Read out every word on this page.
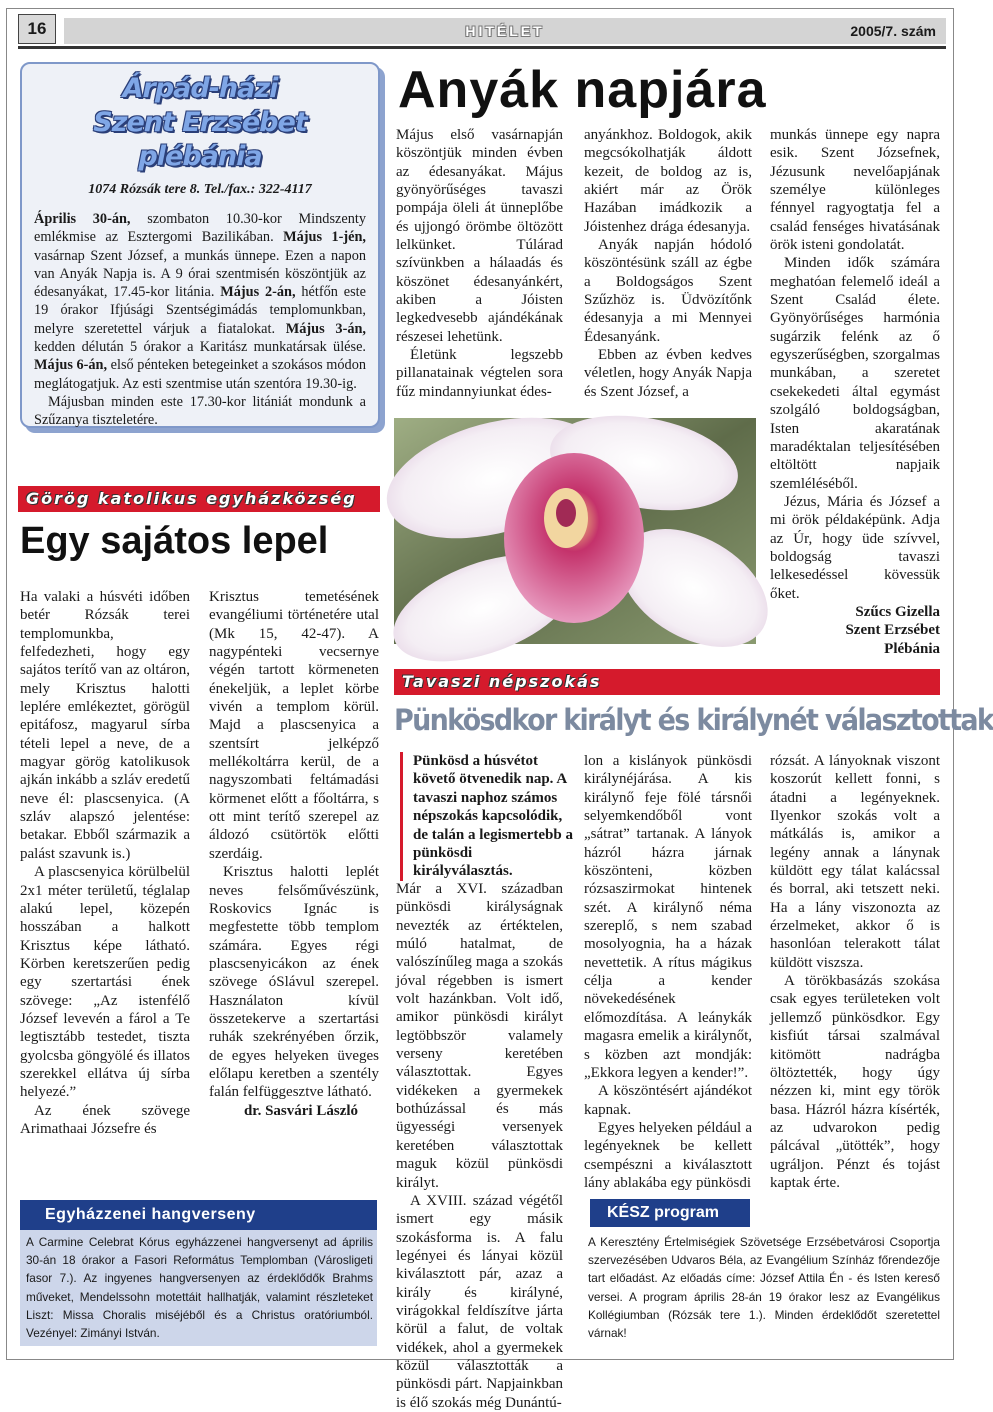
16	HITÉLET	2005/7. szám
Árpád-házi
Szent Erzsébet plébánia
1074 Rózsák tere 8. Tel./fax.: 322-4117
Április 30-án, szombaton 10.30-kor Mindszenty emlékmise az Esztergomi Bazilikában. Május 1-jén, vasárnap Szent József, a munkás ünnepe. Ezen a napon van Anyák Napja is. A 9 órai szentmisén köszöntjük az édesanyákat, 17.45-kor litánia. Május 2-án, hétfőn este 19 órakor Ifjúsági Szentségimádás templomunkban, melyre szeretettel várjuk a fiatalokat. Május 3-án, kedden délután 5 órakor a Karitász munkatársak ülése. Május 6-án, első pénteken betegeinket a szokásos módon meglátogatjuk. Az esti szentmise után szentóra 19.30-ig.
Májusban minden este 17.30-kor litániát mondunk a Szűzanya tiszteletére.
Görög katolikus egyházközség
Egy sajátos lepel

Ha valaki a húsvéti időben betér Rózsák terei templomunkba, felfedezheti, hogy egy sajátos terítő van az oltáron, mely Krisztus halotti leplére emlékeztet, görögül epitáfosz, magyarul sírba tételi lepel a neve, de a magyar görög katolikusok ajkán inkább a szláv eredetű neve él: plascsenyica. (A szláv alapszó jelentése: betakar. Ebből származik a palást szavunk is.)

A plascsenyica körülbelül 2x1 méter területű, téglalap alakú lepel, közepén hosszában a halkott Krisztus képe látható. Körben keretszerűen pedig egy szertartási ének szövege: „Az istenfélő József levevén a fárol a Te legtisztább testedet, tiszta gyolcsba göngyölé és illatos szerekkel ellátva új sírba helyezé.”

Az ének szövege Arimathaai Józsefre és

Krisztus temetésének evangéliumi történetére utal (Mk 15, 42-47). A nagypénteki vecsernye végén tartott körmeneten énekeljük, a leplet körbe vivén a templom körül. Majd a plascsenyica a szentsírt jelképző mellékoltárra kerül, de a nagyszombati feltámadási körmenet előtt a főoltárra, s ott mint terítő szerepel az áldozó csütörtök előtti szerdáig.

Krisztus halotti leplét neves felsőművészünk, Roskovics Ignác is megfestette több templom számára. Egyes régi plascsenyicákon az ének szövege óSlávul szerepel. Használaton kívül összetekerve a szertartási ruhák szekrényében őrzik, de egyes helyeken üveges előlapu keretben a szentély falán felfüggesztve látható.

dr. Sasvári László

Anyák napjára

Május első vasárnapján köszöntjük minden évben az édesanyákat. Május gyönyörűséges tavaszi pompája öleli át ünneplőbe és ujjongó örömbe öltözött lelkünket. Túlárad szívünkben a hálaadás és köszönet édesanyánkért, akiben a Jóisten legkedvesebb ajándékának részesei lehetünk.

Életünk legszebb pillanatainak végtelen sora fűz mindannyiunkat édes-

anyánkhoz. Boldogok, akik megcsókolhatják áldott kezeit, de boldog az is, akiért már az Örök Hazában imádkozik a Jóistenhez drága édesanyja.

Anyák napján hódoló köszöntésünk száll az égbe a Boldogságos Szent Szűzhöz is. Üdvözítőnk édesanyja a mi Mennyei Édesanyánk.

Ebben az évben kedves véletlen, hogy Anyák Napja és Szent József, a

munkás ünnepe egy napra esik. Szent Józsefnek, Jézusunk nevelőapjának személye különleges fénnyel ragyogtatja fel a család fenséges hivatásának örök isteni gondolatát.

Minden idők számára meghatóan felemelő ideál a Szent Család élete. Gyönyörűséges harmónia sugárzik felénk az ő egyszerűségben, szorgalmas munkában, a szeretet csekekedeti által egymást szolgáló boldogságban, Isten akaratának maradéktalan teljesítésében eltöltött napjaik szemléléséből.

Jézus, Mária és József a mi örök példaképünk. Adja az Úr, hogy üde szívvel, boldogság tavaszi lelkesedéssel kövessük őket.

Szűcs Gizella

Szent Erzsébet

Plébánia

Tavaszi népszokás
Pünkösdkor királyt és királynét választottak
Pünkösd a húsvétot követő ötvenedik nap. A tavaszi naphoz számos népszokás kapcsolódik, de talán a legismertebb a pünkösdi királyválasztás.

Már a XVI. században pünkösdi királyságnak nevezték az értéktelen, múló hatalmat, de valószínűleg maga a szokás jóval régebben is ismert volt hazánkban. Volt idő, amikor pünkösdi királyt legtöbbször valamely verseny keretében választottak. Egyes vidékeken a gyermekek bothúzással és más ügyességi versenyek keretében választottak maguk közül pünkösdi királyt.

A XVIII. század végétől ismert egy másik szokásforma is. A falu legényei és lányai közül kiválasztott pár, azaz a király és királyné, virágokkal feldíszítve járta körül a falut, de voltak vidékek, ahol a gyermekek közül választották a pünkösdi párt. Napjainkban is élő szokás még Dunántú-

lon a kislányok pünkösdi királynéjárása. A kis királynő feje fölé társnői selyemkendőből vont „sátrat” tartanak. A lányok házról házra járnak köszönteni, közben rózsaszirmokat hintenek szét. A királynő néma szereplő, s nem szabad mosolyognia, ha a házak nevettetik. A rítus mágikus célja a kender növekedésének előmozdítása. A leánykák magasra emelik a királynőt, s közben azt mondják: „Ekkora legyen a kender!”.

A köszöntésért ajándékot kapnak.

Egyes helyeken például a legényeknek be kellett csempészni a kiválasztott lány ablakába egy pünkösdi

rózsát. A lányoknak viszont koszorút kellett fonni, s átadni a legényeknek. Ilyenkor szokás volt a mátkálás is, amikor a legény annak a lánynak küldött egy tálat kalácssal és borral, aki tetszett neki. Ha a lány viszonozta az érzelmeket, akkor ő is hasonlóan telerakott tálat küldött viszsza.

A törökbasázás szokása csak egyes területeken volt jellemző pünkösdkor. Egy kisfiút társai szalmával kitömött nadrágba öltöztették, hogy úgy nézzen ki, mint egy török basa. Házról házra kísérték, az udvarokon pedig pálcával „ütötték”, hogy ugráljon. Pénzt és tojást kaptak érte.

Egyházzenei hangverseny
A Carmine Celebrat Kórus egyházzenei hangversenyt ad április 30-án 18 órakor a Fasori Református Templomban (Városligeti fasor 7.). Az ingyenes hangversenyen az érdeklődők Brahms műveket, Mendelssohn motettáit hallhatják, valamint részleteket Liszt: Missa Choralis miséjéből és a Christus oratóriumból. Vezényel: Zimányi István.
KÉSZ program
A Keresztény Értelmiségiek Szövetsége Erzsébetvárosi Csoportja szervezésében Udvaros Béla, az Evangélium Színház főrendezője tart előadást. Az előadás címe: József Attila Én - és Isten kereső versei. A program április 28-án 19 órakor lesz az Evangélikus Kollégiumban (Rózsák tere 1.). Minden érdeklődőt szeretettel várnak!
